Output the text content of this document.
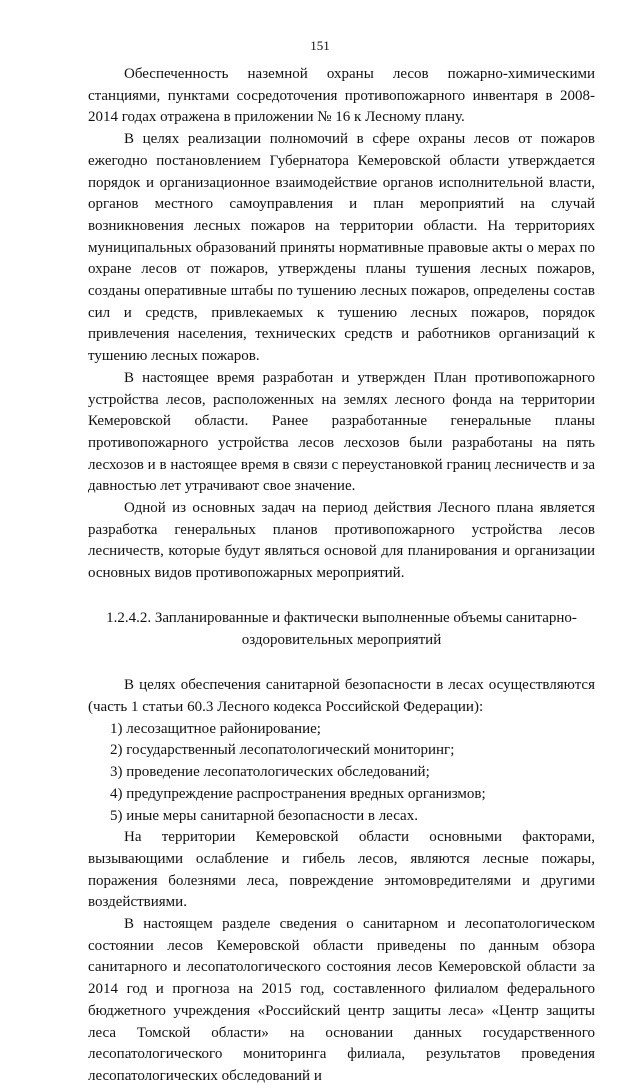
151

Обеспеченность наземной охраны лесов пожарно-химическими станциями, пунктами сосредоточения противопожарного инвентаря в 2008-2014 годах отражена в приложении № 16 к Лесному плану.

В целях реализации полномочий в сфере охраны лесов от пожаров ежегодно постановлением Губернатора Кемеровской области утверждается порядок и организационное взаимодействие органов исполнительной власти, органов местного самоуправления и план мероприятий на случай возникновения лесных пожаров на территории области. На территориях муниципальных образований приняты нормативные правовые акты о мерах по охране лесов от пожаров, утверждены планы тушения лесных пожаров, созданы оперативные штабы по тушению лесных пожаров, определены состав сил и средств, привлекаемых к тушению лесных пожаров, порядок привлечения населения, технических средств и работников организаций к тушению лесных пожаров.

В настоящее время разработан и утвержден План противопожарного устройства лесов, расположенных на землях лесного фонда на территории Кемеровской области. Ранее разработанные генеральные планы противопожарного устройства лесов лесхозов были разработаны на пять лесхозов и в настоящее время в связи с переустановкой границ лесничеств и за давностью лет утрачивают свое значение.

Одной из основных задач на период действия Лесного плана является разработка генеральных планов противопожарного устройства лесов лесничеств, которые будут являться основой для планирования и организации основных видов противопожарных мероприятий.

1.2.4.2. Запланированные и фактически выполненные объемы санитарно-
оздоровительных мероприятий

В целях обеспечения санитарной безопасности в лесах осуществляются (часть 1 статьи 60.3 Лесного кодекса Российской Федерации):

1) лесозащитное районирование;
2) государственный лесопатологический мониторинг;
3) проведение лесопатологических обследований;
4) предупреждение распространения вредных организмов;
5) иные меры санитарной безопасности в лесах.

На территории Кемеровской области основными факторами, вызывающими ослабление и гибель лесов, являются лесные пожары, поражения болезнями леса, повреждение энтомовредителями и другими воздействиями.

В настоящем разделе сведения о санитарном и лесопатологическом состоянии лесов Кемеровской области приведены по данным обзора санитарного и лесопатологического состояния лесов Кемеровской области за 2014 год и прогноза на 2015 год, составленного филиалом федерального бюджетного учреждения «Российский центр защиты леса» «Центр защиты леса Томской области» на основании данных государственного лесопатологического мониторинга филиала, результатов проведения лесопатологических обследований и
